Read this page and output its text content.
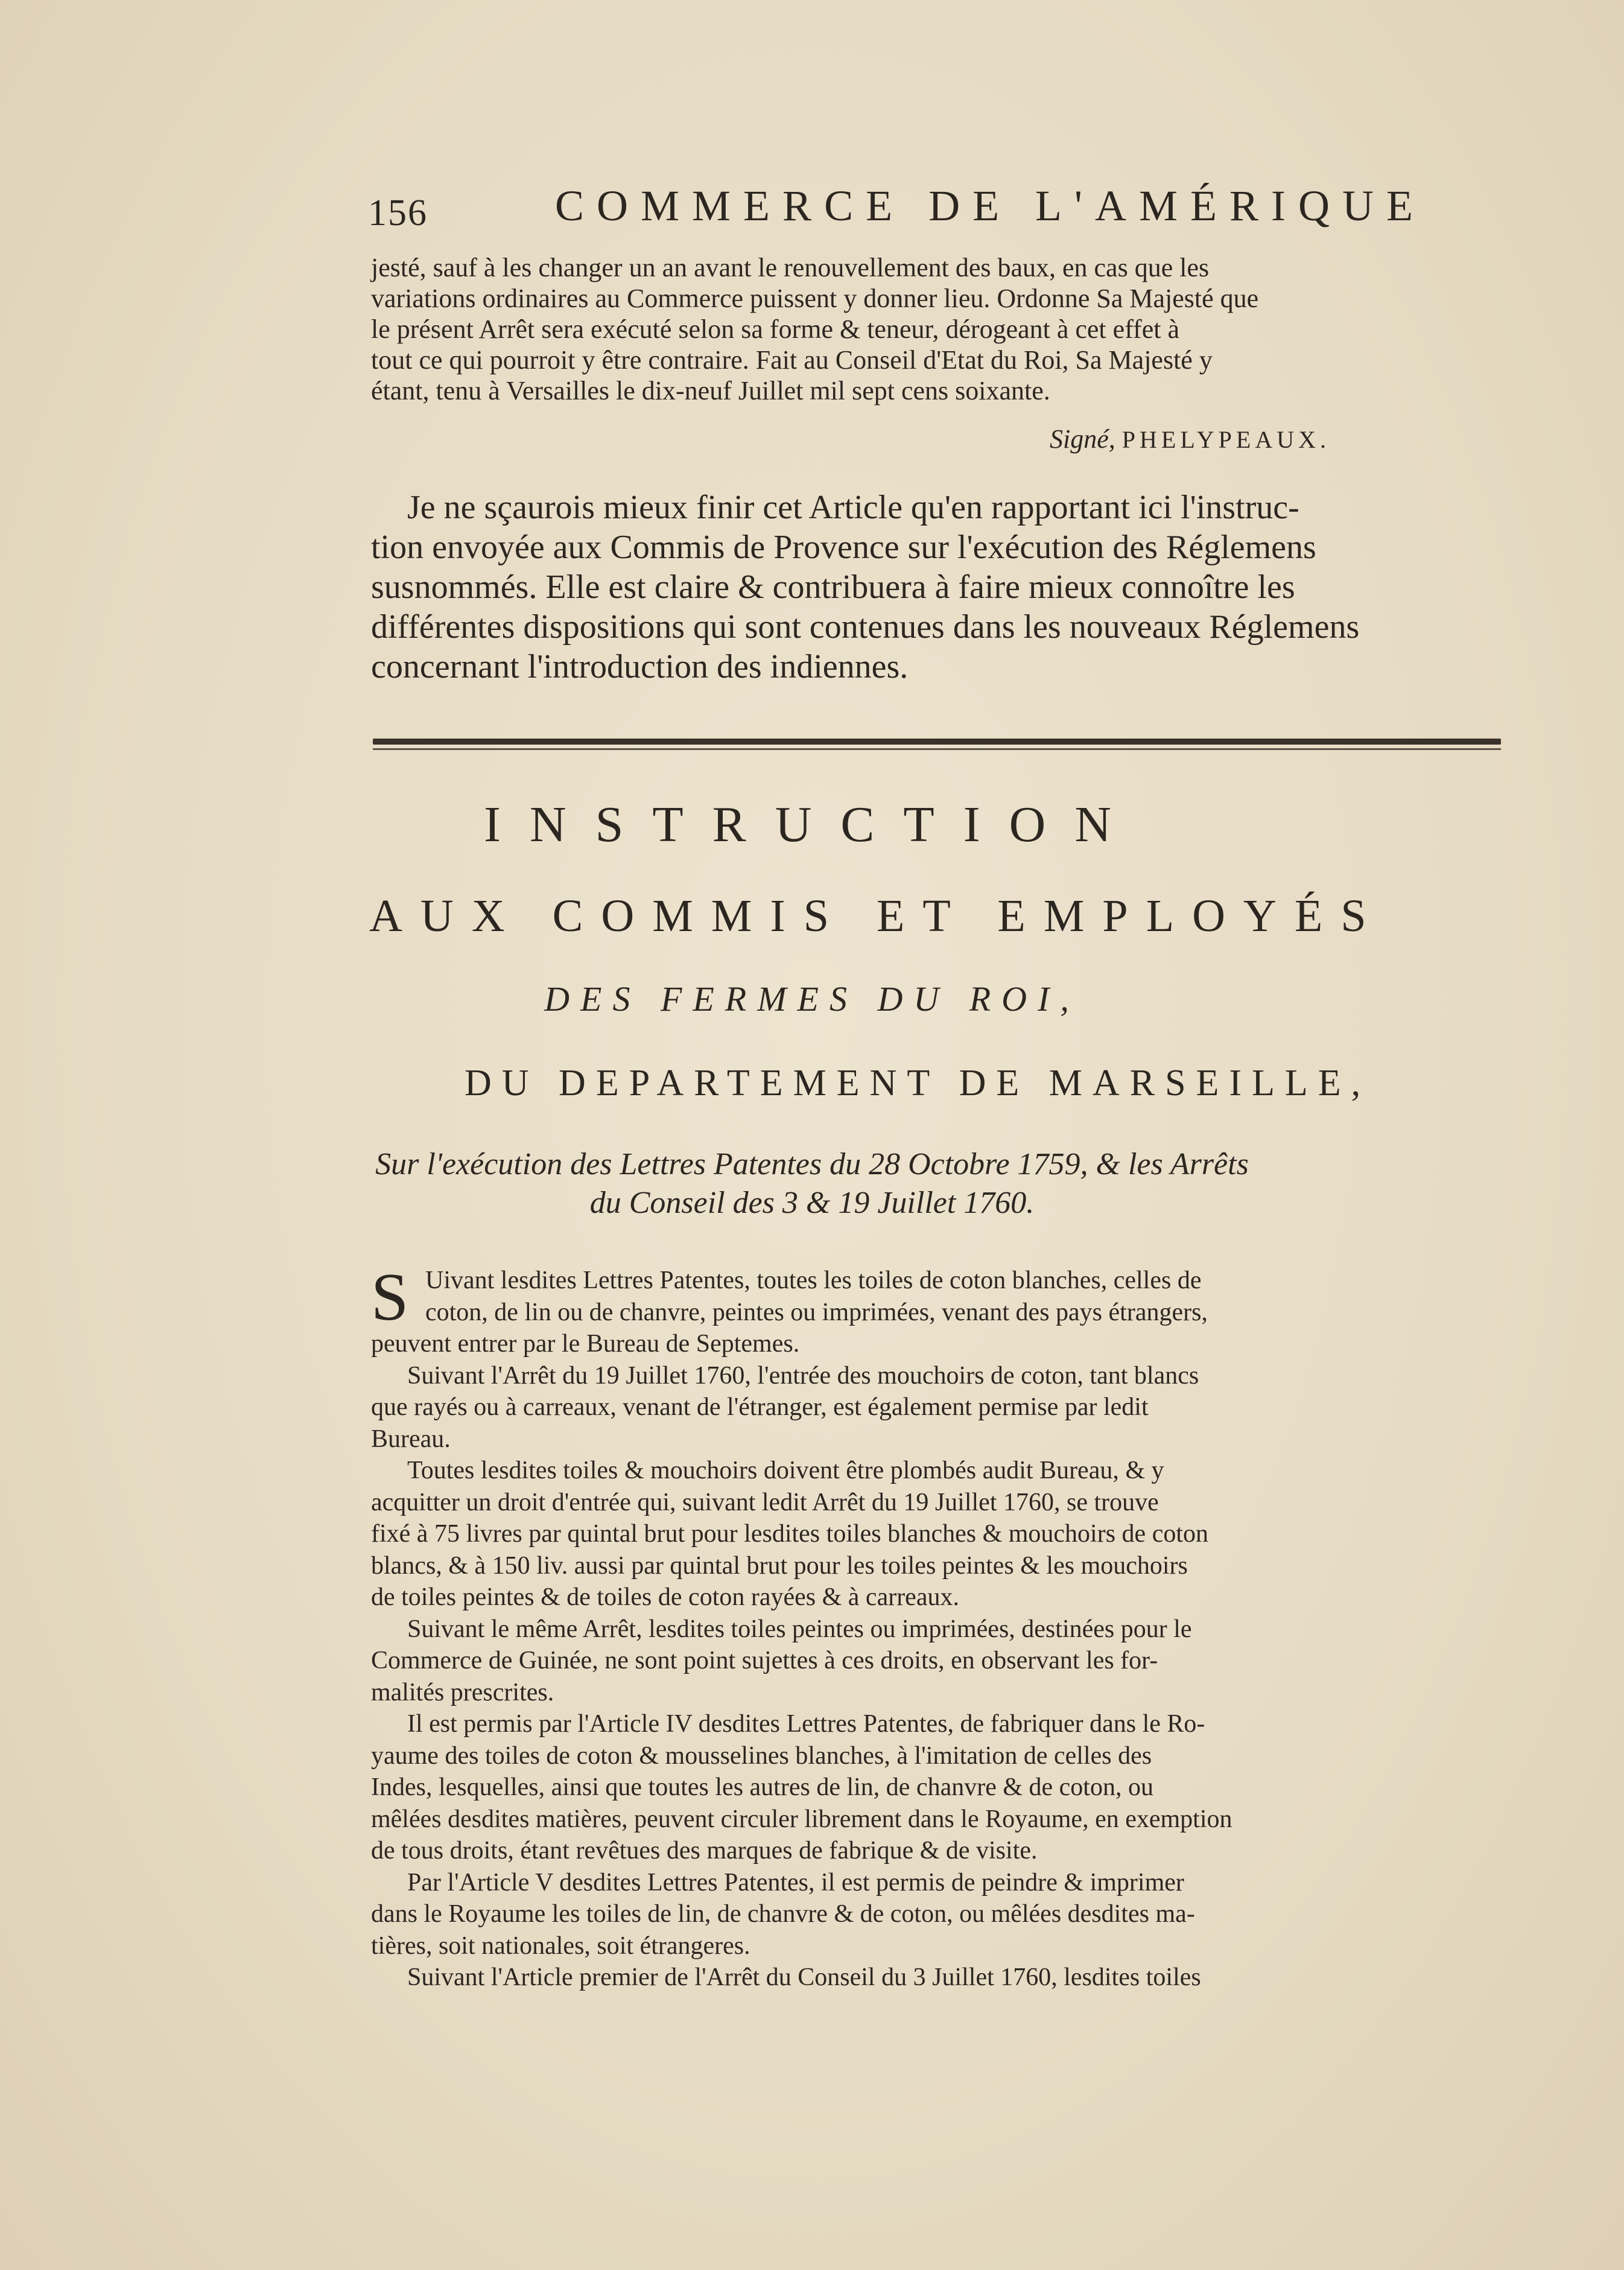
156	COMMERCE DE L'AMÉRIQUE
jesté, sauf à les changer un an avant le renouvellement des baux, en cas que les
variations ordinaires au Commerce puissent y donner lieu. Ordonne Sa Majesté que
le présent Arrêt sera exécuté selon sa forme & teneur, dérogeant à cet effet à
tout ce qui pourroit y être contraire. Fait au Conseil d'Etat du Roi, Sa Majesté y
étant, tenu à Versailles le dix-neuf Juillet mil sept cens soixante.
Signé, PHELYPEAUX.
Je ne sçaurois mieux finir cet Article qu'en rapportant ici l'instruc-
tion envoyée aux Commis de Provence sur l'exécution des Réglemens
susnommés. Elle est claire & contribuera à faire mieux connoître les
différentes dispositions qui sont contenues dans les nouveaux Réglemens
concernant l'introduction des indiennes.
INSTRUCTION
AUX COMMIS ET EMPLOYÉS
DES FERMES DU ROI,
DU DEPARTEMENT DE MARSEILLE,
Sur l'exécution des Lettres Patentes du 28 Octobre 1759, & les Arrêts
du Conseil des 3 & 19 Juillet 1760.
S Uivant lesdites Lettres Patentes, toutes les toiles de coton blanches, celles de
coton, de lin ou de chanvre, peintes ou imprimées, venant des pays étrangers,
peuvent entrer par le Bureau de Septemes.
Suivant l'Arrêt du 19 Juillet 1760, l'entrée des mouchoirs de coton, tant blancs
que rayés ou à carreaux, venant de l'étranger, est également permise par ledit
Bureau.
Toutes lesdites toiles & mouchoirs doivent être plombés audit Bureau, & y
acquitter un droit d'entrée qui, suivant ledit Arrêt du 19 Juillet 1760, se trouve
fixé à 75 livres par quintal brut pour lesdites toiles blanches & mouchoirs de coton
blancs, & à 150 liv. aussi par quintal brut pour les toiles peintes & les mouchoirs
de toiles peintes & de toiles de coton rayées & à carreaux.
Suivant le même Arrêt, lesdites toiles peintes ou imprimées, destinées pour le
Commerce de Guinée, ne sont point sujettes à ces droits, en observant les for-
malités prescrites.
Il est permis par l'Article IV desdites Lettres Patentes, de fabriquer dans le Ro-
yaume des toiles de coton & mousselines blanches, à l'imitation de celles des
Indes, lesquelles, ainsi que toutes les autres de lin, de chanvre & de coton, ou
mêlées desdites matières, peuvent circuler librement dans le Royaume, en exemption
de tous droits, étant revêtues des marques de fabrique & de visite.
Par l'Article V desdites Lettres Patentes, il est permis de peindre & imprimer
dans le Royaume les toiles de lin, de chanvre & de coton, ou mêlées desdites ma-
tières, soit nationales, soit étrangeres.
Suivant l'Article premier de l'Arrêt du Conseil du 3 Juillet 1760, lesdites toiles
